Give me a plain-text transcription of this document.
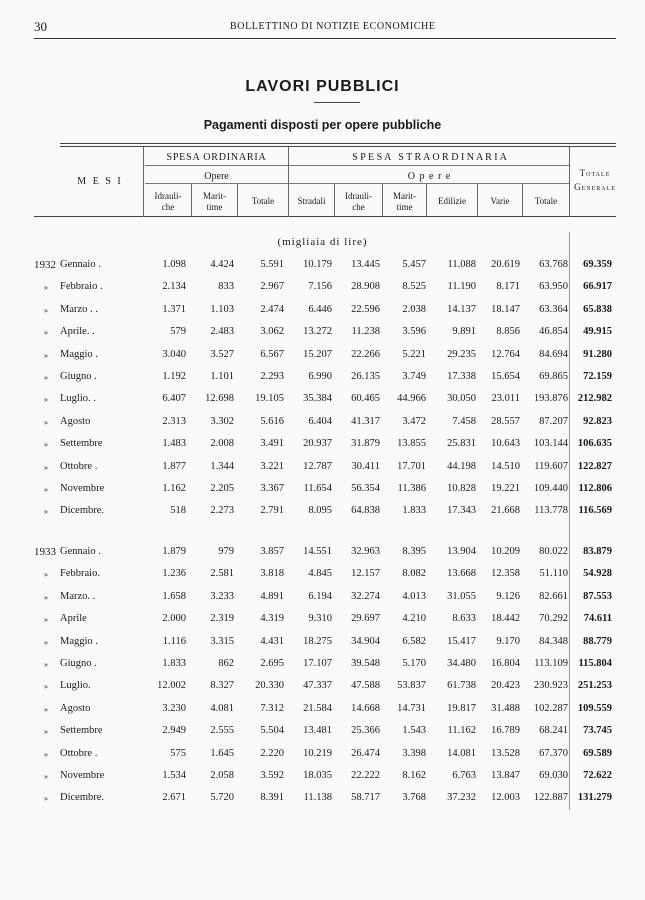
30	BOLLETTINO DI NOTIZIE ECONOMICHE
LAVORI PUBBLICI
Pagamenti disposti per opere pubbliche
M E S I
SPESA ORDINARIA	S P E S A   S T R A O R D I N A R I A
Opere	O p e r e	Totale
Generale
Idrauli-
che
Marit-
time
Totale	Stradali	Idrauli-
che
Marit-
time
Edilizie	Varie	Totale
(migliaia di lire)
1932 Gennaio .	1.098	4.424	5.591	10.179	13.445	5.457	11.088	20.619	63.768	69.359
» Febbraio .	2.134	833	2.967	7.156	28.908	8.525	11.190	8.171	63.950	66.917
» Marzo . .	1.371	1.103	2.474	6.446	22.596	2.038	14.137	18.147	63.364	65.838
» Aprile. .	579	2.483	3.062	13.272	11.238	3.596	9.891	8.856	46.854	49.915
» Maggio .	3.040	3.527	6.567	15.207	22.266	5.221	29.235	12.764	84.694	91.280
» Giugno .	1.192	1.101	2.293	6.990	26.135	3.749	17.338	15.654	69.865	72.159
» Luglio. .	6.407	12.698	19.105	35.384	60.465	44.966	30.050	23.011	193.876 212.982
» Agosto	2.313	3.302	5.616	6.404	41.317	3.472	7.458	28.557	87.207	92.823
» Settembre	1.483	2.008	3.491	20.937	31.879	13.855	25.831	10.643	103.144 106.635
» Ottobre .	1.877	1.344	3.221	12.787	30.411	17.701	44.198	14.510	119.607 122.827
» Novembre	1.162	2.205	3.367	11.654	56.354	11.386	10.828	19.221	109.440 112.806
» Dicembre.	518	2.273	2.791	8.095	64.838	1.833	17.343	21.668	113.778 116.569
1933 Gennaio .	1.879	979	3.857	14.551	32.963	8.395	13.904	10.209	80.022	83.879
» Febbraio.	1.236	2.581	3.818	4.845	12.157	8.082	13.668	12.358	51.110	54.928
» Marzo. .	1.658	3.233	4.891	6.194	32.274	4.013	31.055	9.126	82.661	87.553
» Aprile	2.000	2.319	4.319	9.310	29.697	4.210	8.633	18.442	70.292	74.611
» Maggio .	1.116	3.315	4.431	18.275	34.904	6.582	15.417	9.170	84.348	88.779
» Giugno .	1.833	862	2.695	17.107	39.548	5.170	34.480	16.804	113.109 115.804
» Luglio.	12.002	8.327	20.330	47.337	47.588	53.837	61.738	20.423	230.923 251.253
» Agosto	3.230	4.081	7.312	21.584	14.668	14.731	19.817	31.488	102.287 109.559
» Settembre	2.949	2.555	5.504	13.481	25.366	1.543	11.162	16.789	68.241	73.745
» Ottobre .	575	1.645	2.220	10.219	26.474	3.398	14.081	13.528	67.370	69.589
» Novembre	1.534	2.058	3.592	18.035	22.222	8.162	6.763	13.847	69.030	72.622
» Dicembre.	2.671	5.720	8.391	11.138	58.717	3.768	37.232	12.003	122.887 131.279
